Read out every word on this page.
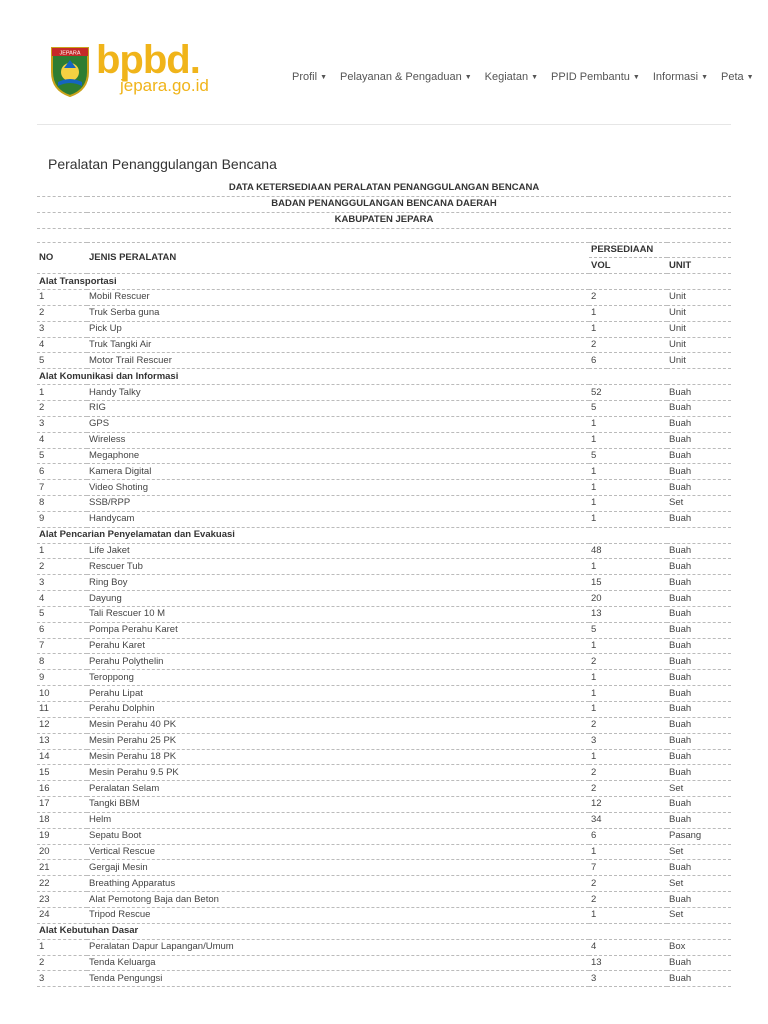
JEPARA bpbd.
jepara.go.id	Profil ▼ Pelayanan & Pengaduan ▼ Kegiatan ▼ PPID Pembantu ▼ Informasi ▼ Peta ▼
Peralatan Penanggulangan Bencana
DATA KETERSEDIAAN PERALATAN PENANGGULANGAN BENCANA			
BADAN PENANGGULANGAN BENCANA DAERAH			
KABUPATEN JEPARA			

NO	JENIS PERALATAN	PERSEDIAAN	
		VOL	UNIT
Alat Transportasi			
1	Mobil Rescuer	2	Unit
2	Truk Serba guna	1	Unit
3	Pick Up	1	Unit
4	Truk Tangki Air	2	Unit
5	Motor Trail Rescuer	6	Unit
Alat Komunikasi dan Informasi			
1	Handy Talky	52	Buah
2	RIG	5	Buah
3	GPS	1	Buah
4	Wireless	1	Buah
5	Megaphone	5	Buah
6	Kamera Digital	1	Buah
7	Video Shoting	1	Buah
8	SSB/RPP	1	Set
9	Handycam	1	Buah
Alat Pencarian Penyelamatan dan Evakuasi			
1	Life Jaket	48	Buah
2	Rescuer Tub	1	Buah
3	Ring Boy	15	Buah
4	Dayung	20	Buah
5	Tali Rescuer 10 M	13	Buah
6	Pompa Perahu Karet	5	Buah
7	Perahu Karet	1	Buah
8	Perahu Polythelin	2	Buah
9	Teroppong	1	Buah
10	Perahu Lipat	1	Buah
11	Perahu Dolphin	1	Buah
12	Mesin Perahu 40 PK	2	Buah
13	Mesin Perahu 25 PK	3	Buah
14	Mesin Perahu 18 PK	1	Buah
15	Mesin Perahu 9.5 PK	2	Buah
16	Peralatan Selam	2	Set
17	Tangki BBM	12	Buah
18	Helm	34	Buah
19	Sepatu Boot	6	Pasang
20	Vertical Rescue	1	Set
21	Gergaji Mesin	7	Buah
22	Breathing Apparatus	2	Set
23	Alat Pemotong Baja dan Beton	2	Buah
24	Tripod Rescue	1	Set
Alat Kebutuhan Dasar			
1	Peralatan Dapur Lapangan/Umum	4	Box
2	Tenda Keluarga	13	Buah
3	Tenda Pengungsi	3	Buah
